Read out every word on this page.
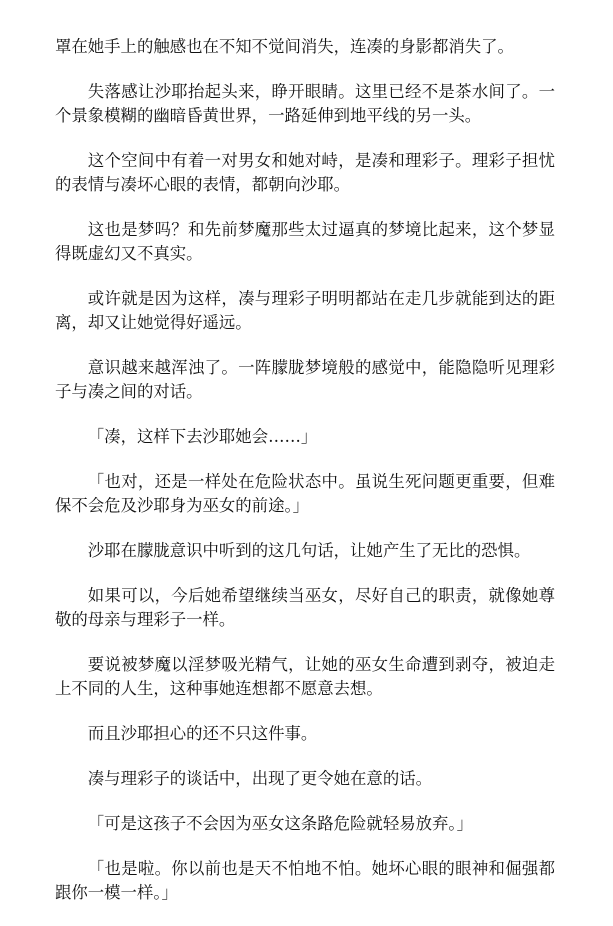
罩在她手上的触感也在不知不觉间消失，连凑的身影都消失了。

失落感让沙耶抬起头来，睁开眼睛。这里已经不是茶水间了。一个景象模糊的幽暗昏黄世界，一路延伸到地平线的另一头。

这个空间中有着一对男女和她对峙，是凑和理彩子。理彩子担忧的表情与凑坏心眼的表情，都朝向沙耶。

这也是梦吗？和先前梦魔那些太过逼真的梦境比起来，这个梦显得既虚幻又不真实。

或许就是因为这样，凑与理彩子明明都站在走几步就能到达的距离，却又让她觉得好遥远。

意识越来越浑浊了。一阵朦胧梦境般的感觉中，能隐隐听见理彩子与凑之间的对话。

「凑，这样下去沙耶她会……」

「也对，还是一样处在危险状态中。虽说生死问题更重要，但难保不会危及沙耶身为巫女的前途。」

沙耶在朦胧意识中听到的这几句话，让她产生了无比的恐惧。

如果可以，今后她希望继续当巫女，尽好自己的职责，就像她尊敬的母亲与理彩子一样。

要说被梦魔以淫梦吸光精气，让她的巫女生命遭到剥夺，被迫走上不同的人生，这种事她连想都不愿意去想。

而且沙耶担心的还不只这件事。

凑与理彩子的谈话中，出现了更令她在意的话。

「可是这孩子不会因为巫女这条路危险就轻易放弃。」

「也是啦。你以前也是天不怕地不怕。她坏心眼的眼神和倔强都跟你一模一样。」
